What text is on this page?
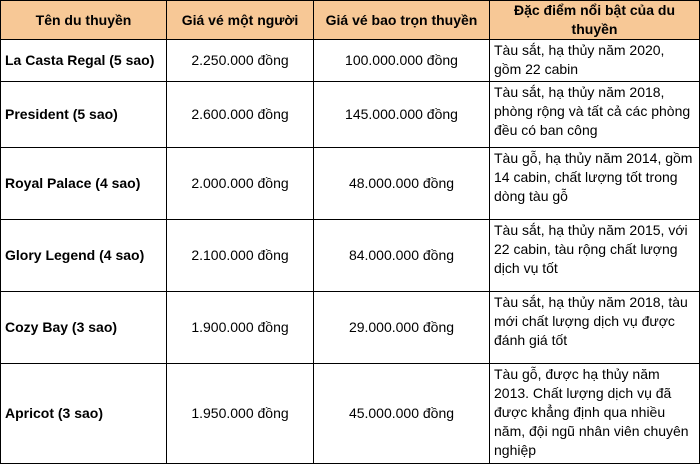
Tên du thuyền	Giá vé một người	Giá vé bao trọn thuyền	Đặc điểm nổi bật của du thuyền
La Casta Regal (5 sao)	2.250.000 đồng	100.000.000 đồng	Tàu sắt, hạ thủy năm 2020, gồm 22 cabin
President (5 sao)	2.600.000 đồng	145.000.000 đồng	Tàu sắt, hạ thủy năm 2018, phòng rộng và tất cả các phòng đều có ban công
Royal Palace (4 sao)	2.000.000 đồng	48.000.000 đồng	Tàu gỗ, hạ thủy năm 2014, gồm 14 cabin, chất lượng tốt trong dòng tàu gỗ
Glory Legend (4 sao)	2.100.000 đồng	84.000.000 đồng	Tàu sắt, hạ thủy năm 2015, với 22 cabin, tàu rộng chất lượng dịch vụ tốt
Cozy Bay (3 sao)	1.900.000 đồng	29.000.000 đồng	Tàu sắt, hạ thủy năm 2018, tàu mới chất lượng dịch vụ được đánh giá tốt
Apricot (3 sao)	1.950.000 đồng	45.000.000 đồng	Tàu gỗ, được hạ thủy năm 2013. Chất lượng dịch vụ đã được khẳng định qua nhiều năm, đội ngũ nhân viên chuyên nghiệp
